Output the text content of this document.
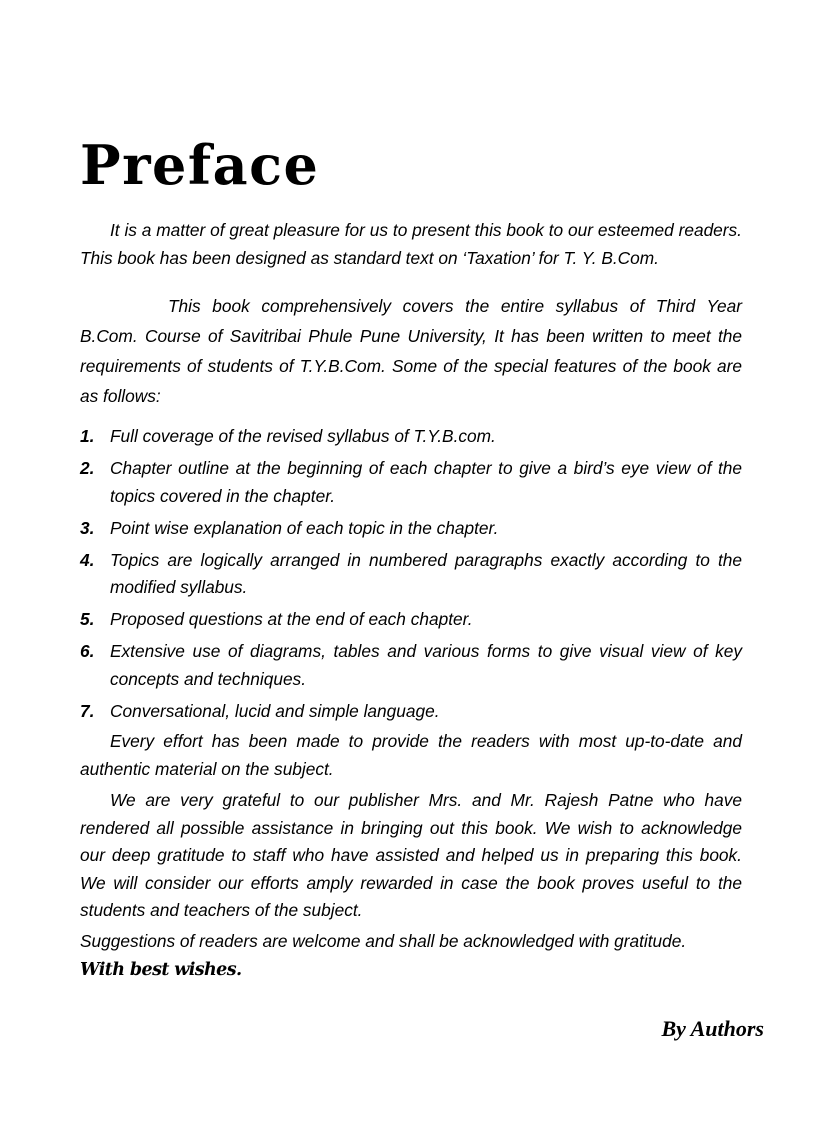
Preface

It is a matter of great pleasure for us to present this book to our esteemed readers. This book has been designed as standard text on ‘Taxation’ for T. Y. B.Com.

This book comprehensively covers the entire syllabus of Third Year B.Com. Course of Savitribai Phule Pune University, It has been written to meet the requirements of students of T.Y.B.Com. Some of the special features of the book are as follows:

1. Full coverage of the revised syllabus of T.Y.B.com.
2. Chapter outline at the beginning of each chapter to give a bird’s eye view of the topics covered in the chapter.
3. Point wise explanation of each topic in the chapter.
4. Topics are logically arranged in numbered paragraphs exactly according to the modified syllabus.
5. Proposed questions at the end of each chapter.
6. Extensive use of diagrams, tables and various forms to give visual view of key concepts and techniques.
7. Conversational, lucid and simple language.

Every effort has been made to provide the readers with most up-to-date and authentic material on the subject.

We are very grateful to our publisher Mrs. and Mr. Rajesh Patne who have rendered all possible assistance in bringing out this book. We wish to acknowledge our deep gratitude to staff who have assisted and helped us in preparing this book. We will consider our efforts amply rewarded in case the book proves useful to the students and teachers of the subject.

Suggestions of readers are welcome and shall be acknowledged with gratitude.

With best wishes.
By Authors
